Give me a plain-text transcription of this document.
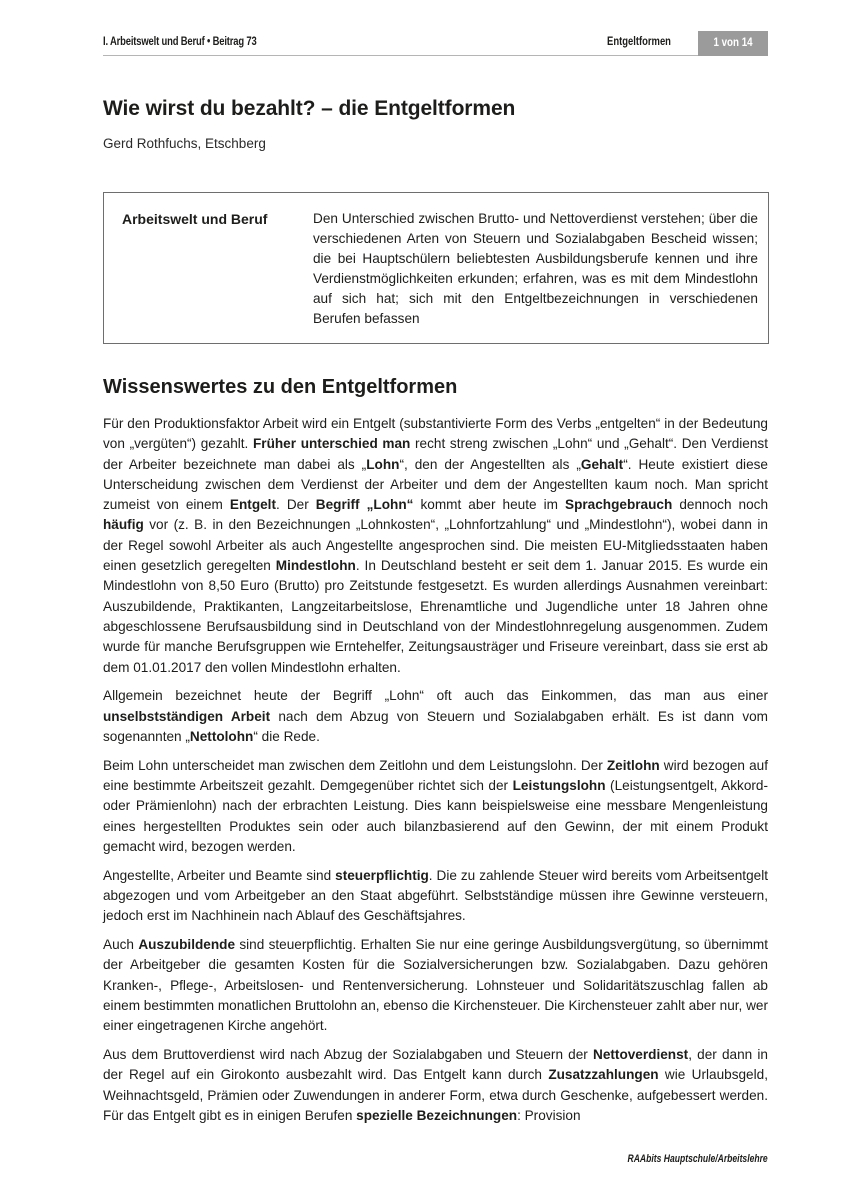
I. Arbeitswelt und Beruf • Beitrag 73	Entgeltformen	1 von 14
Wie wirst du bezahlt? – die Entgeltformen
Gerd Rothfuchs, Etschberg
Arbeitswelt und Beruf	Den Unterschied zwischen Brutto- und Nettoverdienst verstehen; über die verschiedenen Arten von Steuern und Sozialabgaben Bescheid wissen; die bei Hauptschülern beliebtesten Ausbildungsberufe kennen und ihre Verdienstmöglichkeiten erkunden; erfahren, was es mit dem Mindestlohn auf sich hat; sich mit den Entgeltbezeichnungen in verschiedenen Berufen befassen
Wissenswertes zu den Entgeltformen

Für den Produktionsfaktor Arbeit wird ein Entgelt (substantivierte Form des Verbs „entgelten“ in der Bedeutung von „vergüten“) gezahlt. Früher unterschied man recht streng zwischen „Lohn“ und „Gehalt“. Den Verdienst der Arbeiter bezeichnete man dabei als „Lohn“, den der Angestellten als „Gehalt“. Heute existiert diese Unterscheidung zwischen dem Verdienst der Arbeiter und dem der Angestellten kaum noch. Man spricht zumeist von einem Entgelt. Der Begriff „Lohn“ kommt aber heute im Sprachgebrauch dennoch noch häufig vor (z. B. in den Bezeichnungen „Lohnkosten“, „Lohnfortzahlung“ und „Mindestlohn“), wobei dann in der Regel sowohl Arbeiter als auch Angestellte angesprochen sind. Die meisten EU-Mitgliedsstaaten haben einen gesetzlich geregelten Mindestlohn. In Deutschland besteht er seit dem 1. Januar 2015. Es wurde ein Mindestlohn von 8,50 Euro (Brutto) pro Zeitstunde festgesetzt. Es wurden allerdings Ausnahmen vereinbart: Auszubildende, Praktikanten, Langzeitarbeitslose, Ehrenamtliche und Jugendliche unter 18 Jahren ohne abgeschlossene Berufsausbildung sind in Deutschland von der Mindestlohnregelung ausgenommen. Zudem wurde für manche Berufsgruppen wie Erntehelfer, Zeitungsausträger und Friseure vereinbart, dass sie erst ab dem 01.01.2017 den vollen Mindestlohn erhalten.

Allgemein bezeichnet heute der Begriff „Lohn“ oft auch das Einkommen, das man aus einer unselbstständigen Arbeit nach dem Abzug von Steuern und Sozialabgaben erhält. Es ist dann vom sogenannten „Nettolohn“ die Rede.

Beim Lohn unterscheidet man zwischen dem Zeitlohn und dem Leistungslohn. Der Zeitlohn wird bezogen auf eine bestimmte Arbeitszeit gezahlt. Demgegenüber richtet sich der Leistungslohn (Leistungsentgelt, Akkord- oder Prämienlohn) nach der erbrachten Leistung. Dies kann beispielsweise eine messbare Mengenleistung eines hergestellten Produktes sein oder auch bilanzbasierend auf den Gewinn, der mit einem Produkt gemacht wird, bezogen werden.

Angestellte, Arbeiter und Beamte sind steuerpflichtig. Die zu zahlende Steuer wird bereits vom Arbeitsentgelt abgezogen und vom Arbeitgeber an den Staat abgeführt. Selbstständige müssen ihre Gewinne versteuern, jedoch erst im Nachhinein nach Ablauf des Geschäftsjahres.

Auch Auszubildende sind steuerpflichtig. Erhalten Sie nur eine geringe Ausbildungsvergütung, so übernimmt der Arbeitgeber die gesamten Kosten für die Sozialversicherungen bzw. Sozialabgaben. Dazu gehören Kranken-, Pflege-, Arbeitslosen- und Rentenversicherung. Lohnsteuer und Solidaritätszuschlag fallen ab einem bestimmten monatlichen Bruttolohn an, ebenso die Kirchensteuer. Die Kirchensteuer zahlt aber nur, wer einer eingetragenen Kirche angehört.

Aus dem Bruttoverdienst wird nach Abzug der Sozialabgaben und Steuern der Nettoverdienst, der dann in der Regel auf ein Girokonto ausbezahlt wird. Das Entgelt kann durch Zusatzzahlungen wie Urlaubsgeld, Weihnachtsgeld, Prämien oder Zuwendungen in anderer Form, etwa durch Geschenke, aufgebessert werden. Für das Entgelt gibt es in einigen Berufen spezielle Bezeichnungen: Provision

RAAbits Hauptschule/Arbeitslehre
